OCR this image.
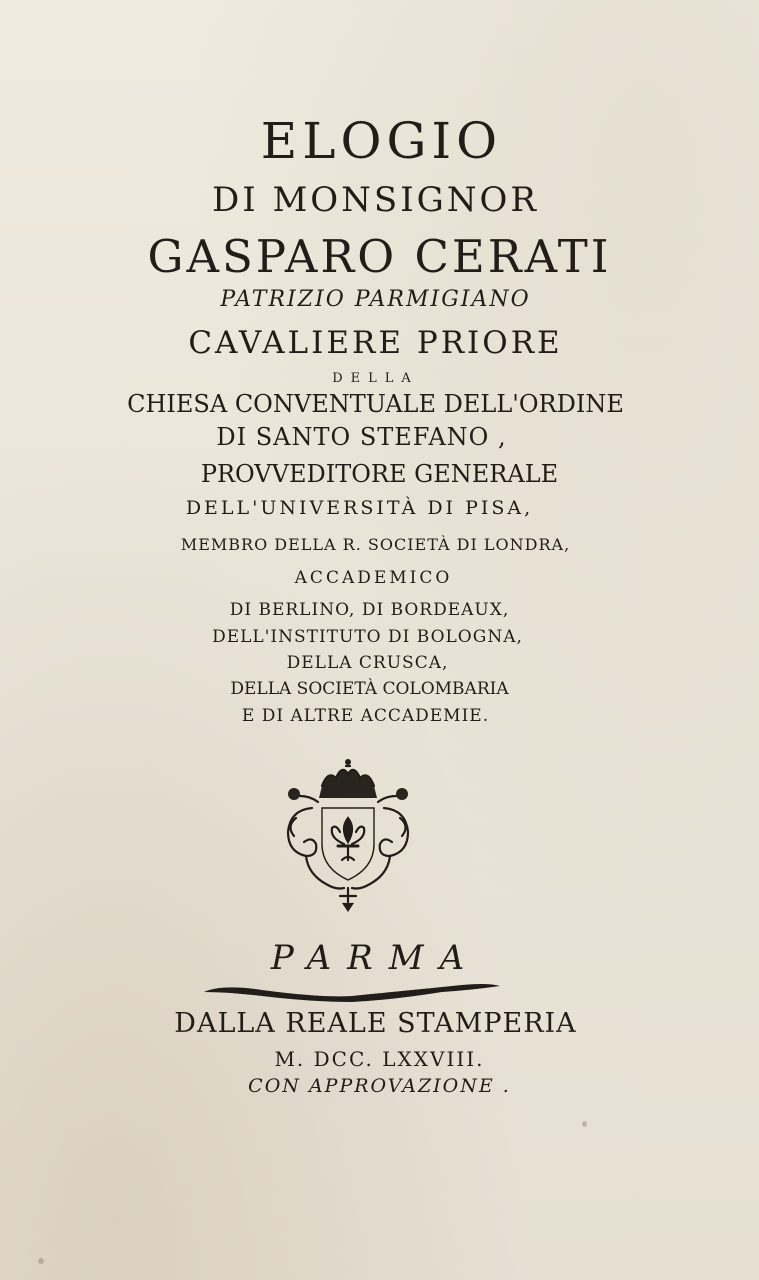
ELOGIO
DI MONSIGNOR
GASPARO CERATI
PATRIZIO PARMIGIANO
CAVALIERE PRIORE
DELLA
CHIESA CONVENTUALE DELL'ORDINE
DI SANTO STEFANO ,
PROVVEDITORE GENERALE
DELL'UNIVERSITÀ DI PISA,
MEMBRO DELLA R. SOCIETÀ DI LONDRA,
ACCADEMICO
DI BERLINO, DI BORDEAUX,
DELL'INSTITUTO DI BOLOGNA,
DELLA CRUSCA,
DELLA SOCIETÀ COLOMBARIA
E DI ALTRE ACCADEMIE.
PARMA
DALLA REALE STAMPERIA
M. DCC. LXXVIII.
CON APPROVAZIONE .
